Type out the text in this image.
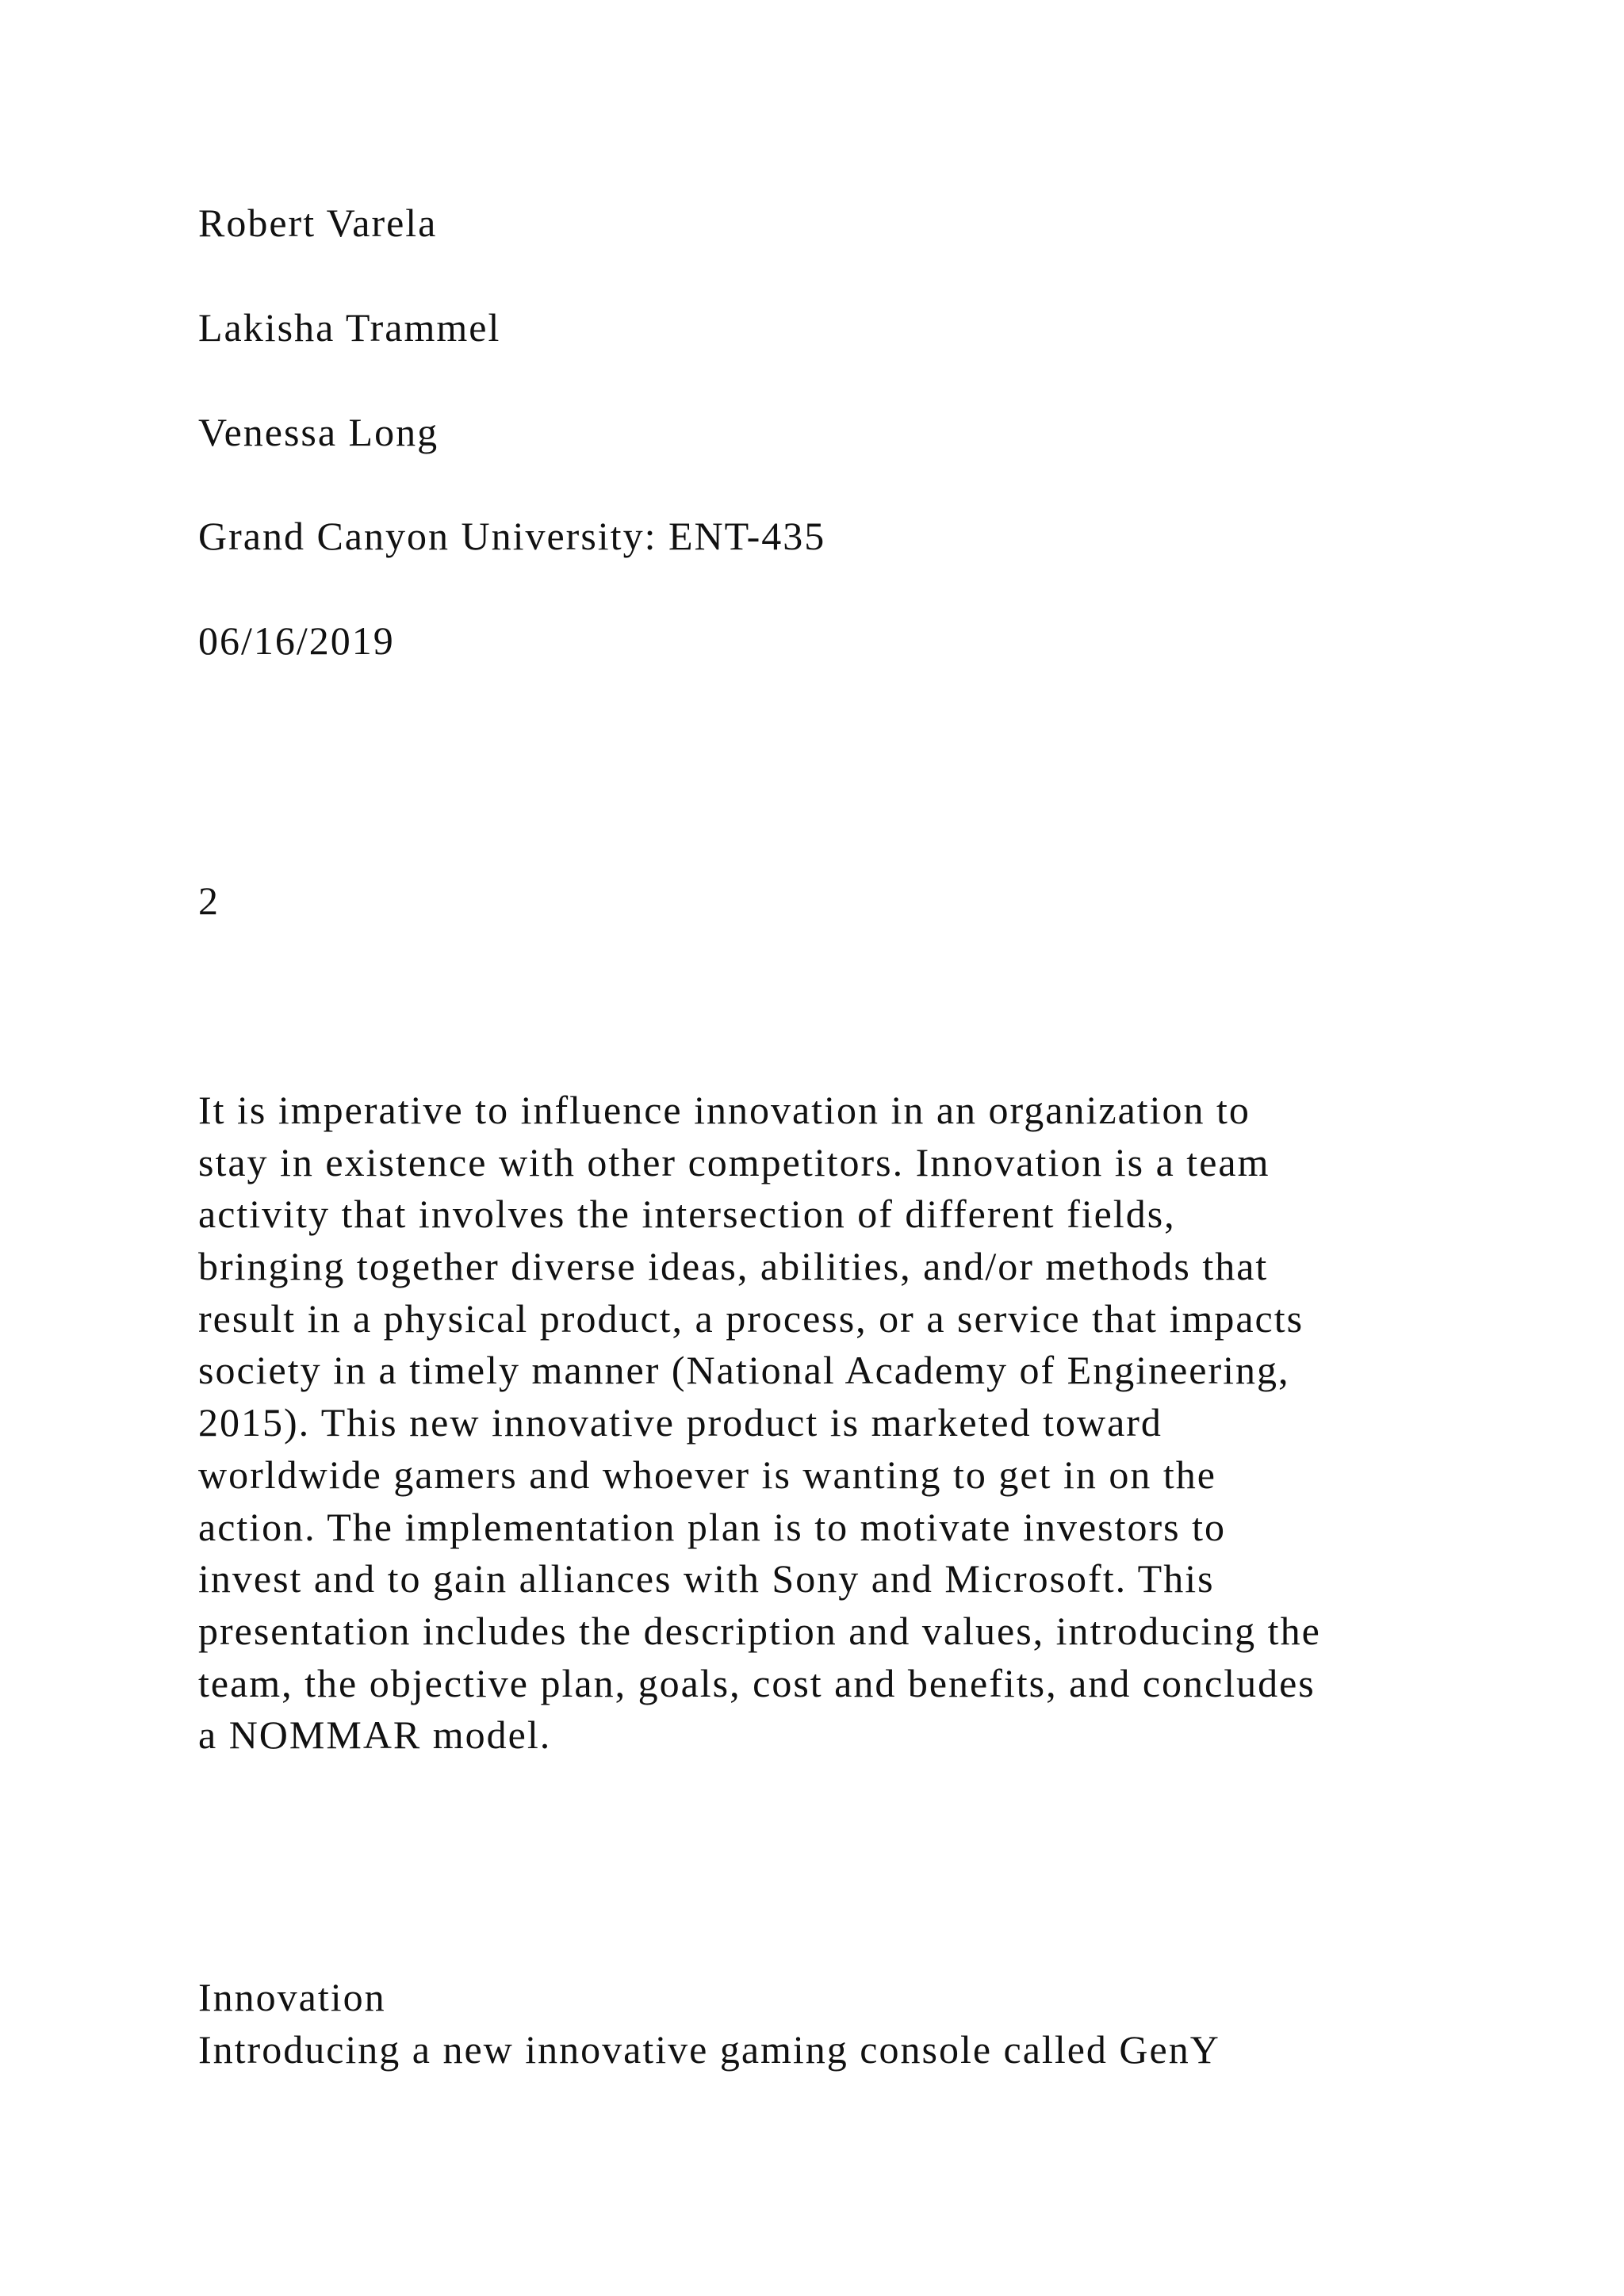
Robert Varela
Lakisha Trammel
Venessa Long
Grand Canyon University: ENT-435
06/16/2019
2
It is imperative to influence innovation in an organization to
stay in existence with other competitors. Innovation is a team
activity that involves the intersection of different fields,
bringing together diverse ideas, abilities, and/or methods that
result in a physical product, a process, or a service that impacts
society in a timely manner (National Academy of Engineering,
2015). This new innovative product is marketed toward
worldwide gamers and whoever is wanting to get in on the
action. The implementation plan is to motivate investors to
invest and to gain alliances with Sony and Microsoft. This
presentation includes the description and values, introducing the
team, the objective plan, goals, cost and benefits, and concludes
a NOMMAR model.
Innovation
Introducing a new innovative gaming console called GenY
